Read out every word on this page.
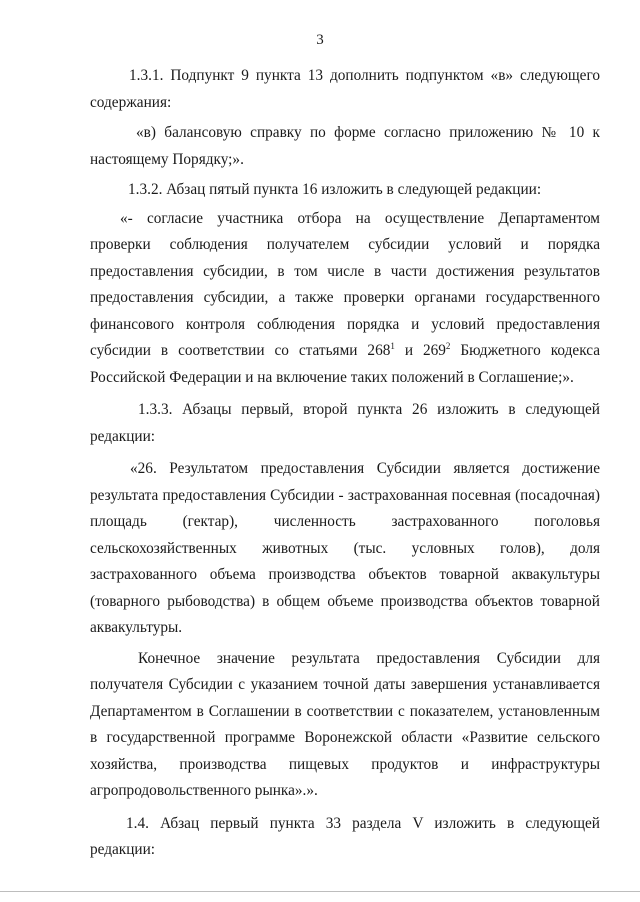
3

1.3.1. Подпункт 9 пункта 13 дополнить подпунктом «в» следующего содержания:

«в) балансовую справку по форме согласно приложению № 10 к настоящему Порядку;».

1.3.2. Абзац пятый пункта 16 изложить в следующей редакции:

«- согласие участника отбора на осуществление Департаментом проверки соблюдения получателем субсидии условий и порядка предоставления субсидии, в том числе в части достижения результатов предоставления субсидии, а также проверки органами государственного финансового контроля соблюдения порядка и условий предоставления субсидии в соответствии со статьями $268^1$ и $269^2$ Бюджетного кодекса Российской Федерации и на включение таких положений в Соглашение;».

1.3.3. Абзацы первый, второй пункта 26 изложить в следующей редакции:

«26. Результатом предоставления Субсидии является достижение результата предоставления Субсидии - застрахованная посевная (посадочная) площадь (гектар), численность застрахованного поголовья сельскохозяйственных животных (тыс. условных голов), доля застрахованного объема производства объектов товарной аквакультуры (товарного рыбоводства) в общем объеме производства объектов товарной аквакультуры.

Конечное значение результата предоставления Субсидии для получателя Субсидии с указанием точной даты завершения устанавливается Департаментом в Соглашении в соответствии с показателем, установленным в государственной программе Воронежской области «Развитие сельского хозяйства, производства пищевых продуктов и инфраструктуры агропродовольственного рынка».».

1.4. Абзац первый пункта 33 раздела V изложить в следующей редакции:
